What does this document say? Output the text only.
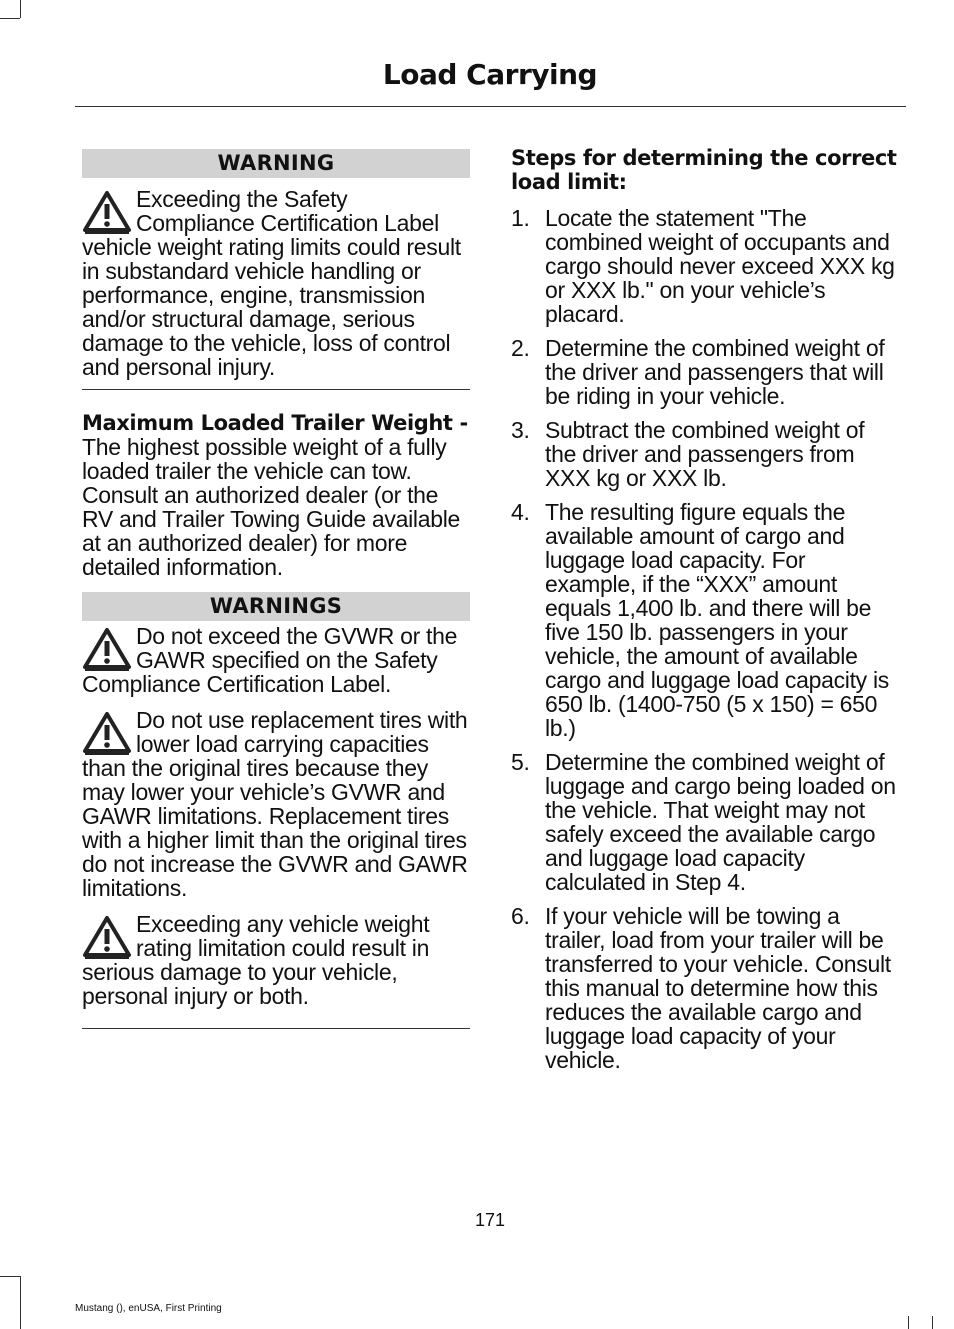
Load Carrying
WARNING
Exceeding the Safety Compliance Certification Label vehicle weight rating limits could result in substandard vehicle handling or performance, engine, transmission and/or structural damage, serious damage to the vehicle, loss of control and personal injury.
Maximum Loaded Trailer Weight - The highest possible weight of a fully loaded trailer the vehicle can tow. Consult an authorized dealer (or the RV and Trailer Towing Guide available at an authorized dealer) for more detailed information.
WARNINGS
Do not exceed the GVWR or the GAWR specified on the Safety Compliance Certification Label.
Do not use replacement tires with lower load carrying capacities than the original tires because they may lower your vehicle’s GVWR and GAWR limitations. Replacement tires with a higher limit than the original tires do not increase the GVWR and GAWR limitations.
Exceeding any vehicle weight rating limitation could result in serious damage to your vehicle, personal injury or both.
Steps for determining the correct load limit:
1. Locate the statement "The combined weight of occupants and cargo should never exceed XXX kg or XXX lb." on your vehicle’s placard.
2. Determine the combined weight of the driver and passengers that will be riding in your vehicle.
3. Subtract the combined weight of the driver and passengers from XXX kg or XXX lb.
4. The resulting figure equals the available amount of cargo and luggage load capacity. For example, if the “XXX” amount equals 1,400 lb. and there will be five 150 lb. passengers in your vehicle, the amount of available cargo and luggage load capacity is 650 lb. (1400-750 (5 x 150) = 650 lb.)
5. Determine the combined weight of luggage and cargo being loaded on the vehicle. That weight may not safely exceed the available cargo and luggage load capacity calculated in Step 4.
6. If your vehicle will be towing a trailer, load from your trailer will be transferred to your vehicle. Consult this manual to determine how this reduces the available cargo and luggage load capacity of your vehicle.
171
Mustang (), enUSA, First Printing
